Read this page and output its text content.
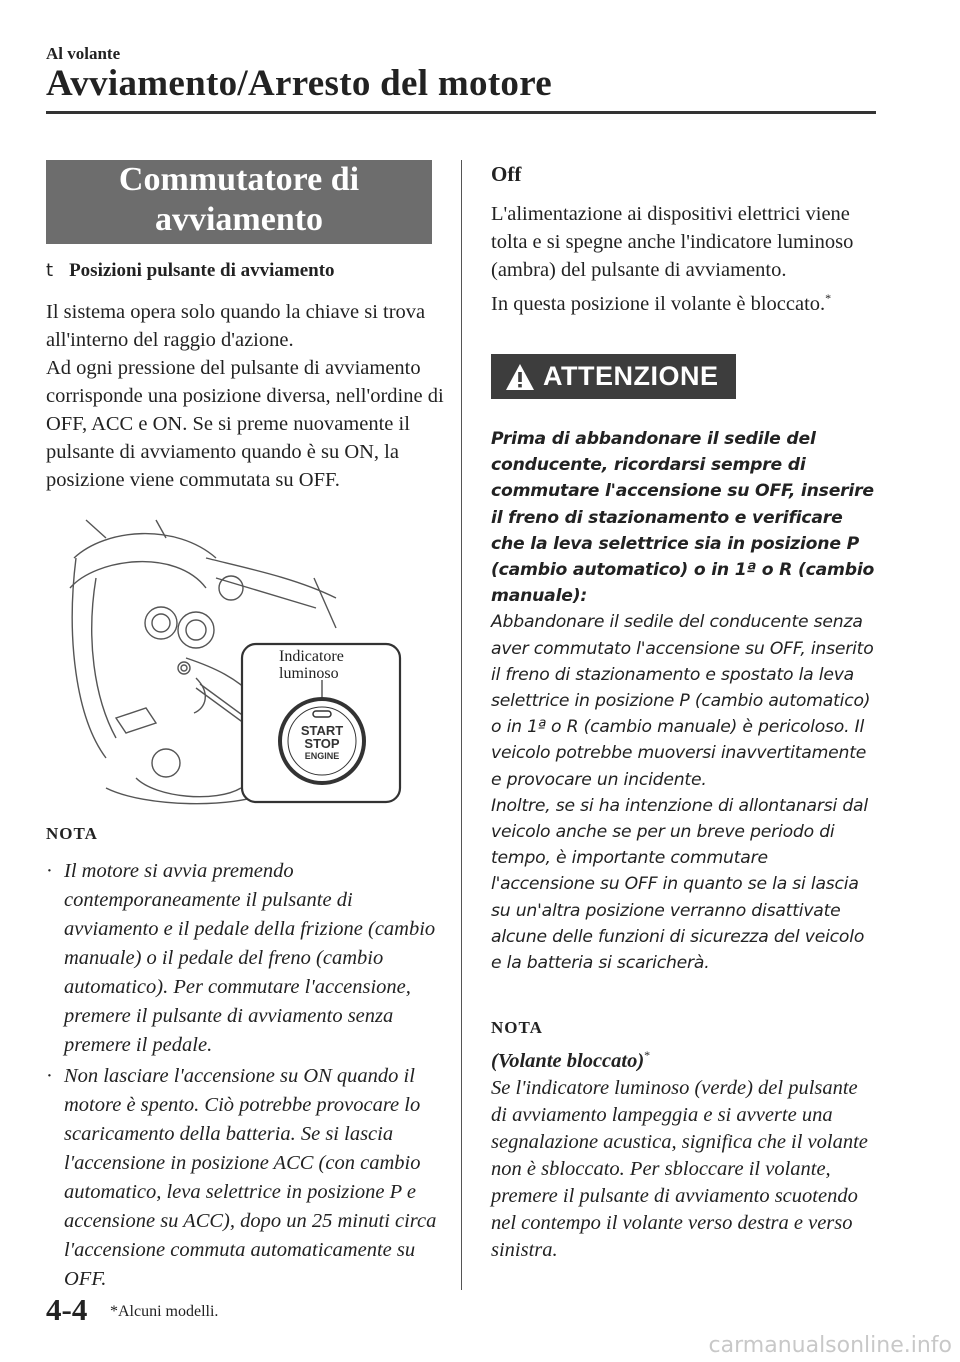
Al volante
Avviamento/Arresto del motore
Commutatore di
avviamento
t Posizioni pulsante di avviamento

Il sistema opera solo quando la chiave si trova all'interno del raggio d'azione.

Ad ogni pressione del pulsante di avviamento corrisponde una posizione diversa, nell'ordine di OFF, ACC e ON. Se si preme nuovamente il pulsante di avviamento quando è su ON, la posizione viene commutata su OFF.

Indicatore
luminoso
START
STOP
ENGINE
NOTA
· Il motore si avvia premendo contemporaneamente il pulsante di avviamento e il pedale della frizione (cambio manuale) o il pedale del freno (cambio automatico). Per commutare l'accensione, premere il pulsante di avviamento senza premere il pedale.
· Non lasciare l'accensione su ON quando il motore è spento. Ciò potrebbe provocare lo scaricamento della batteria. Se si lascia l'accensione in posizione ACC (con cambio automatico, leva selettrice in posizione P e accensione su ACC), dopo un 25 minuti circa l'accensione commuta automaticamente su OFF.
Off

L'alimentazione ai dispositivi elettrici viene tolta e si spegne anche l'indicatore luminoso (ambra) del pulsante di avviamento.

In questa posizione il volante è bloccato.*

ATTENZIONE

Prima di abbandonare il sedile del conducente, ricordarsi sempre di commutare l'accensione su OFF, inserire il freno di stazionamento e verificare che la leva selettrice sia in posizione P (cambio automatico) o in 1ª o R (cambio manuale):

Abbandonare il sedile del conducente senza aver commutato l'accensione su OFF, inserito il freno di stazionamento e spostato la leva selettrice in posizione P (cambio automatico) o in 1ª o R (cambio manuale) è pericoloso. Il veicolo potrebbe muoversi inavvertitamente e provocare un incidente.

Inoltre, se si ha intenzione di allontanarsi dal veicolo anche se per un breve periodo di tempo, è importante commutare l'accensione su OFF in quanto se la si lascia su un'altra posizione verranno disattivate alcune delle funzioni di sicurezza del veicolo e la batteria si scaricherà.

NOTA
(Volante bloccato)*
Se l'indicatore luminoso (verde) del pulsante di avviamento lampeggia e si avverte una segnalazione acustica, significa che il volante non è sbloccato. Per sbloccare il volante, premere il pulsante di avviamento scuotendo nel contempo il volante verso destra e verso sinistra.
4-4 *Alcuni modelli.
carmanualsonline.info
